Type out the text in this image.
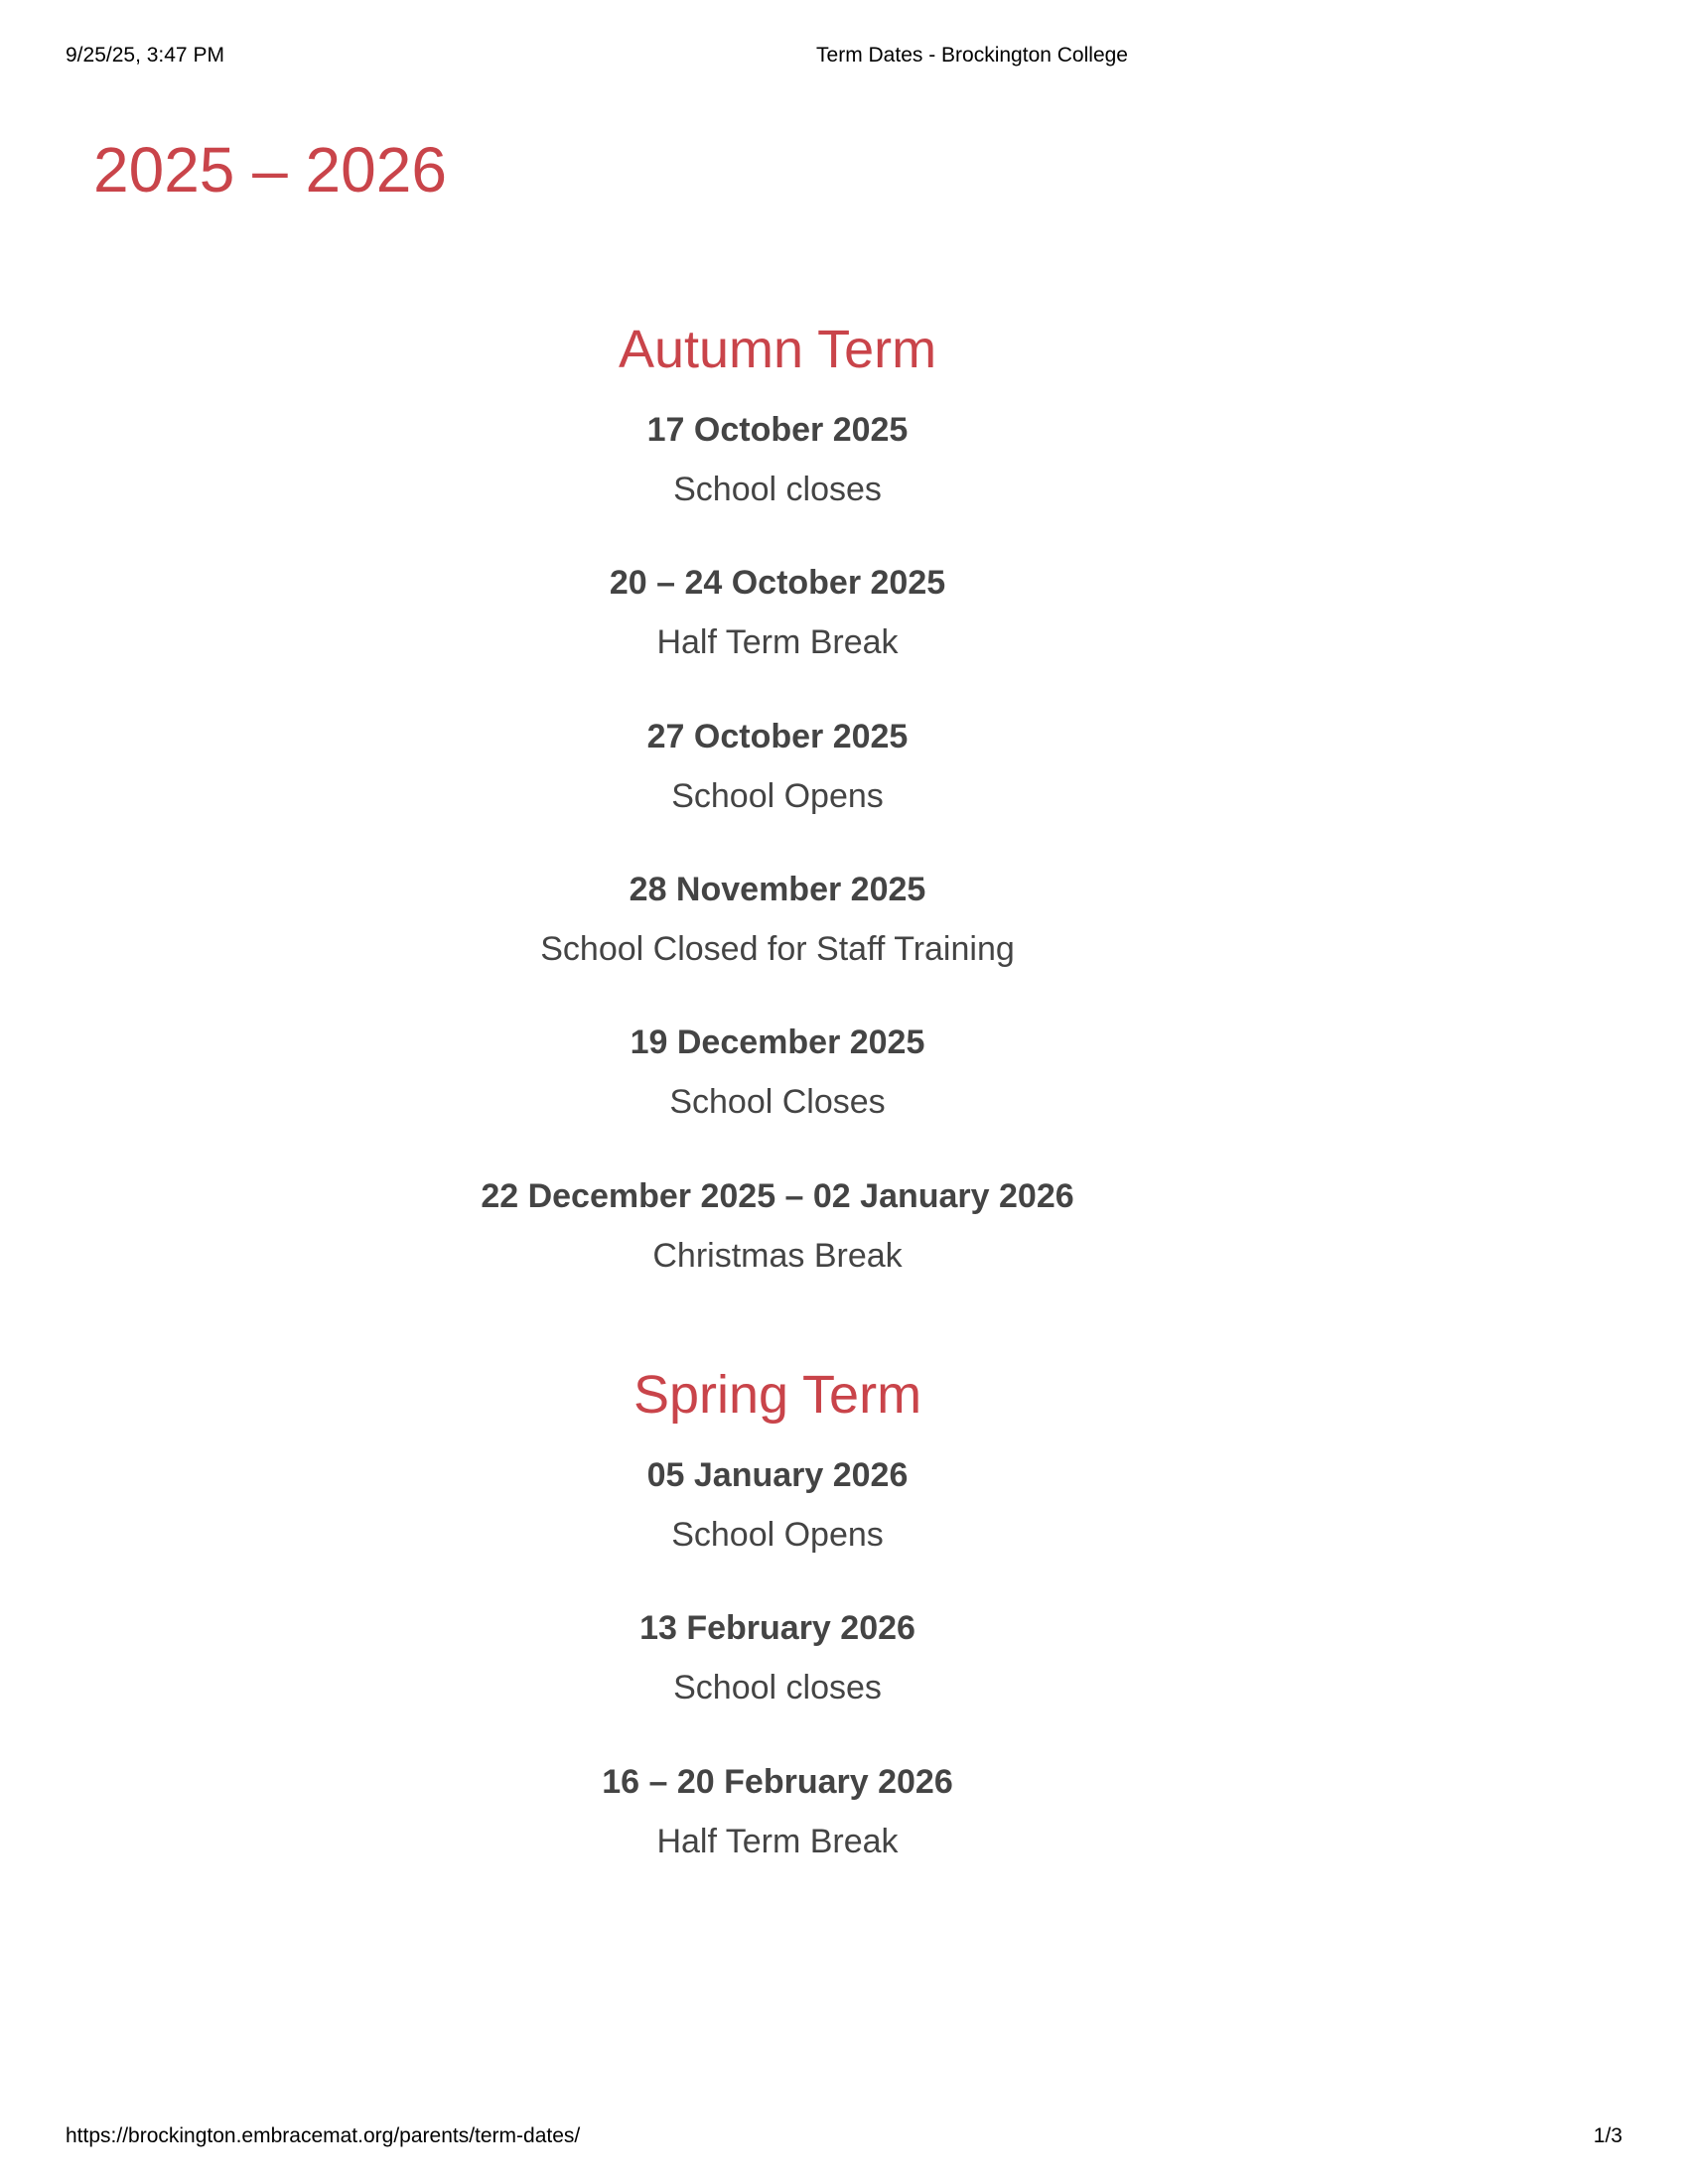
9/25/25, 3:47 PM	Term Dates - Brockington College
2025 – 2026
Autumn Term

17 October 2025

School closes

20 – 24 October 2025

Half Term Break

27 October 2025

School Opens

28 November 2025

School Closed for Staff Training

19 December 2025

School Closes

22 December 2025 – 02 January 2026

Christmas Break

Spring Term

05 January 2026

School Opens

13 February 2026

School closes

16 – 20 February 2026

Half Term Break

https://brockington.embracemat.org/parents/term-dates/	1/3
